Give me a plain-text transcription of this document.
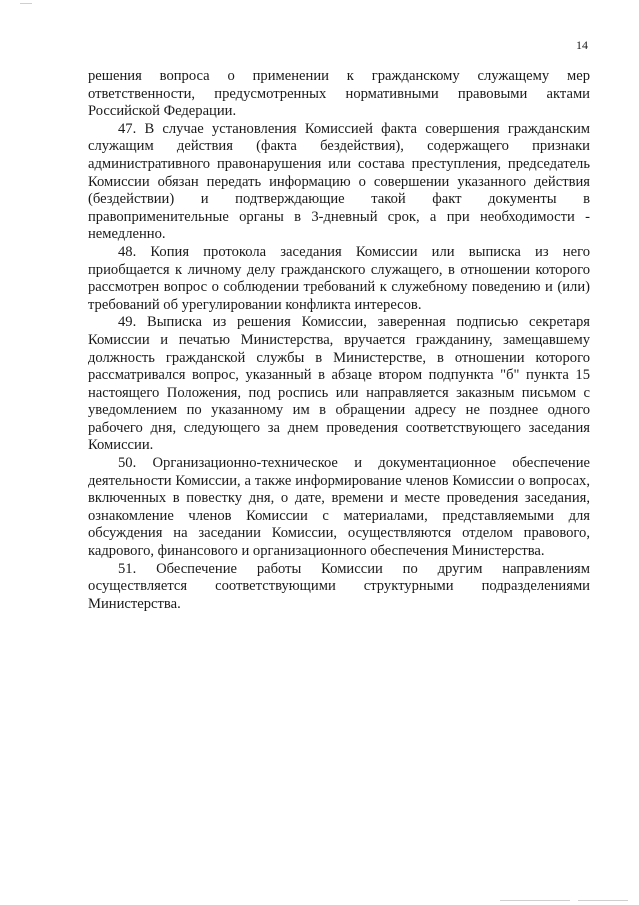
14

решения вопроса о применении к гражданскому служащему мер ответственности, предусмотренных нормативными правовыми актами Российской Федерации.

47. В случае установления Комиссией факта совершения гражданским служащим действия (факта бездействия), содержащего признаки административного правонарушения или состава преступления, председатель Комиссии обязан передать информацию о совершении указанного действия (бездействии) и подтверждающие такой факт документы в правоприменительные органы в 3-дневный срок, а при необходимости - немедленно.

48. Копия протокола заседания Комиссии или выписка из него приобщается к личному делу гражданского служащего, в отношении которого рассмотрен вопрос о соблюдении требований к служебному поведению и (или) требований об урегулировании конфликта интересов.

49. Выписка из решения Комиссии, заверенная подписью секретаря Комиссии и печатью Министерства, вручается гражданину, замещавшему должность гражданской службы в Министерстве, в отношении которого рассматривался вопрос, указанный в абзаце втором подпункта "б" пункта 15 настоящего Положения, под роспись или направляется заказным письмом с уведомлением по указанному им в обращении адресу не позднее одного рабочего дня, следующего за днем проведения соответствующего заседания Комиссии.

50. Организационно-техническое и документационное обеспечение деятельности Комиссии, а также информирование членов Комиссии о вопросах, включенных в повестку дня, о дате, времени и месте проведения заседания, ознакомление членов Комиссии с материалами, представляемыми для обсуждения на заседании Комиссии, осуществляются отделом правового, кадрового, финансового и организационного обеспечения Министерства.

51. Обеспечение работы Комиссии по другим направлениям осуществляется соответствующими структурными подразделениями Министерства.
